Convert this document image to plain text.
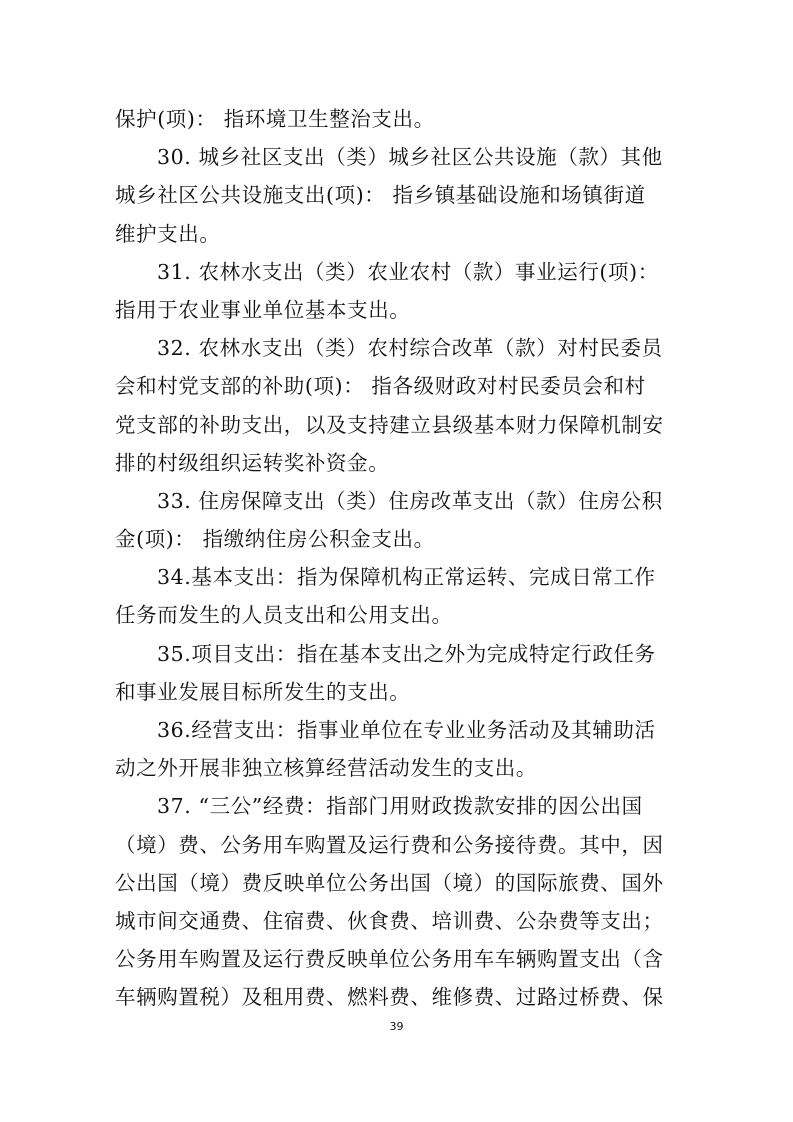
保护(项)： 指环境卫生整治支出。
30. 城乡社区支出（类）城乡社区公共设施（款）其他
城乡社区公共设施支出(项)： 指乡镇基础设施和场镇街道
维护支出。
31. 农林水支出（类）农业农村（款）事业运行(项)：
指用于农业事业单位基本支出。
32. 农林水支出（类）农村综合改革（款）对村民委员
会和村党支部的补助(项)： 指各级财政对村民委员会和村
党支部的补助支出，以及支持建立县级基本财力保障机制安
排的村级组织运转奖补资金。
33. 住房保障支出（类）住房改革支出（款）住房公积
金(项)： 指缴纳住房公积金支出。
34.基本支出：指为保障机构正常运转、完成日常工作
任务而发生的人员支出和公用支出。
35.项目支出：指在基本支出之外为完成特定行政任务
和事业发展目标所发生的支出。
36.经营支出：指事业单位在专业业务活动及其辅助活
动之外开展非独立核算经营活动发生的支出。
37. “三公”经费：指部门用财政拨款安排的因公出国
（境）费、公务用车购置及运行费和公务接待费。其中，因
公出国（境）费反映单位公务出国（境）的国际旅费、国外
城市间交通费、住宿费、伙食费、培训费、公杂费等支出；
公务用车购置及运行费反映单位公务用车车辆购置支出（含
车辆购置税）及租用费、燃料费、维修费、过路过桥费、保
39
